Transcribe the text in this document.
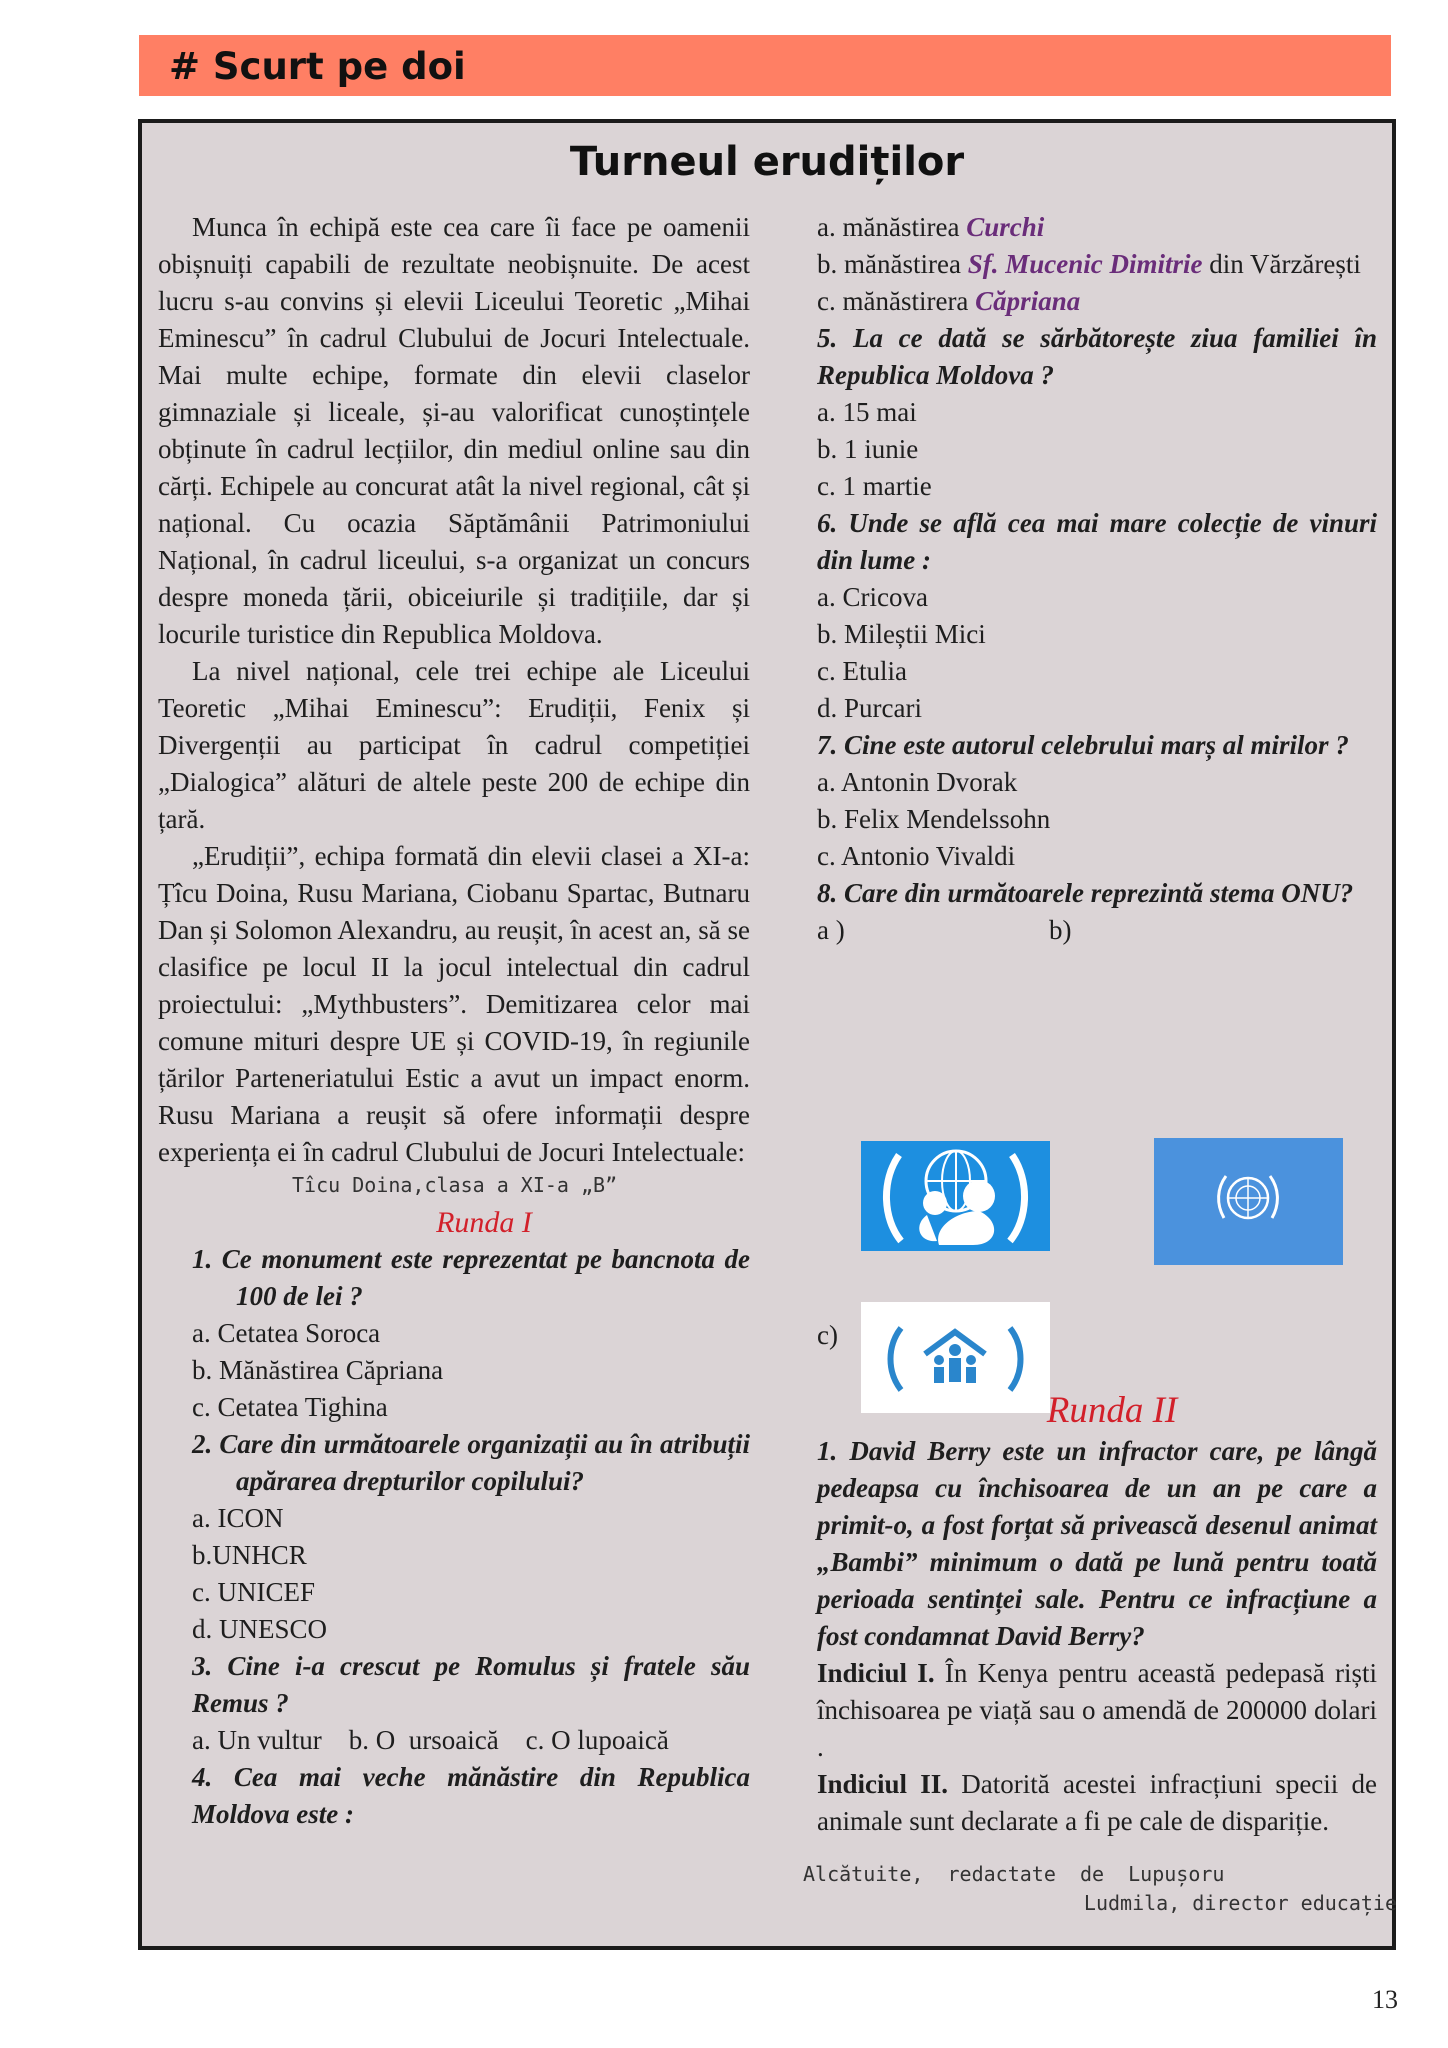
# Scurt pe doi
Turneul erudiților

Munca în echipă este cea care îi face pe oamenii obișnuiți capabili de rezultate neobișnuite. De acest lucru s-au convins și elevii Liceului Teoretic „Mihai Eminescu” în cadrul Clubului de Jocuri Intelectuale. Mai multe echipe, formate din elevii claselor gimnaziale și liceale, și-au valorificat cunoștințele obținute în cadrul lecțiilor, din mediul online sau din cărți. Echipele au concurat atât la nivel regional, cât și național. Cu ocazia Săptămânii Patrimoniului Național, în cadrul liceului, s-a organizat un concurs despre moneda țării, obiceiurile și tradițiile, dar și locurile turistice din Republica Moldova.

La nivel național, cele trei echipe ale Liceului Teoretic „Mihai Eminescu”: Erudiții, Fenix și Divergenții au participat în cadrul competiției „Dialogica” alături de altele peste 200 de echipe din țară.

„Erudiții”, echipa formată din elevii clasei a XI-a: Țîcu Doina, Rusu Mariana, Ciobanu Spartac, Butnaru Dan și Solomon Alexandru, au reușit, în acest an, să se clasifice pe locul II la jocul intelectual din cadrul proiectului: „Mythbusters”. Demitizarea celor mai comune mituri despre UE și COVID-19, în regiunile țărilor Parteneriatului Estic a avut un impact enorm. Rusu Mariana a reușit să ofere informații despre experiența ei în cadrul Clubului de Jocuri Intelectuale:

Tîcu Doina,clasa a XI-a „B”

Runda I

1. Ce monument este reprezentat pe bancnota de 100 de lei ?

a. Cetatea Soroca

b. Mănăstirea Căpriana

c. Cetatea Tighina

2. Care din următoarele organizații au în atribuții apărarea drepturilor copilului?

a. ICON

b.UNHCR

c. UNICEF

d. UNESCO

3. Cine i-a crescut pe Romulus și fratele său Remus ?

a. Un vultur    b. O  ursoaică    c. O lupoaică

4. Cea mai veche mănăstire din Republica Moldova este :

a. mănăstirea Curchi

b. mănăstirea Sf. Mucenic Dimitrie din Vărzărești

c. mănăstirera Căpriana

5. La ce dată se sărbătorește ziua familiei în Republica Moldova ?

a. 15 mai

b. 1 iunie

c. 1 martie

6. Unde se află cea mai mare colecție de vinuri din lume :

a. Cricova

b. Mileștii Mici

c. Etulia

d. Purcari

7. Cine este autorul celebrului marș al mirilor ?

a. Antonin Dvorak

b. Felix Mendelssohn

c. Antonio Vivaldi

8. Care din următoarele reprezintă stema ONU?

a )	b)

c)

Runda II

1. David Berry este un infractor care, pe lângă pedeapsa cu închisoarea de un an pe care a primit-o, a fost forțat să privească desenul animat „Bambi” minimum o dată pe lună pentru toată perioada sentinței sale. Pentru ce infracțiune a fost condamnat David Berry?

Indiciul I. În Kenya pentru această pedepasă riști închisoarea pe viață sau o amendă de 200000 dolari .

Indiciul II. Datorită acestei infracțiuni specii de animale sunt declarate a fi pe cale de dispariție.

Alcătuite,  redactate  de  Lupușoru

Ludmila, director educație

13
